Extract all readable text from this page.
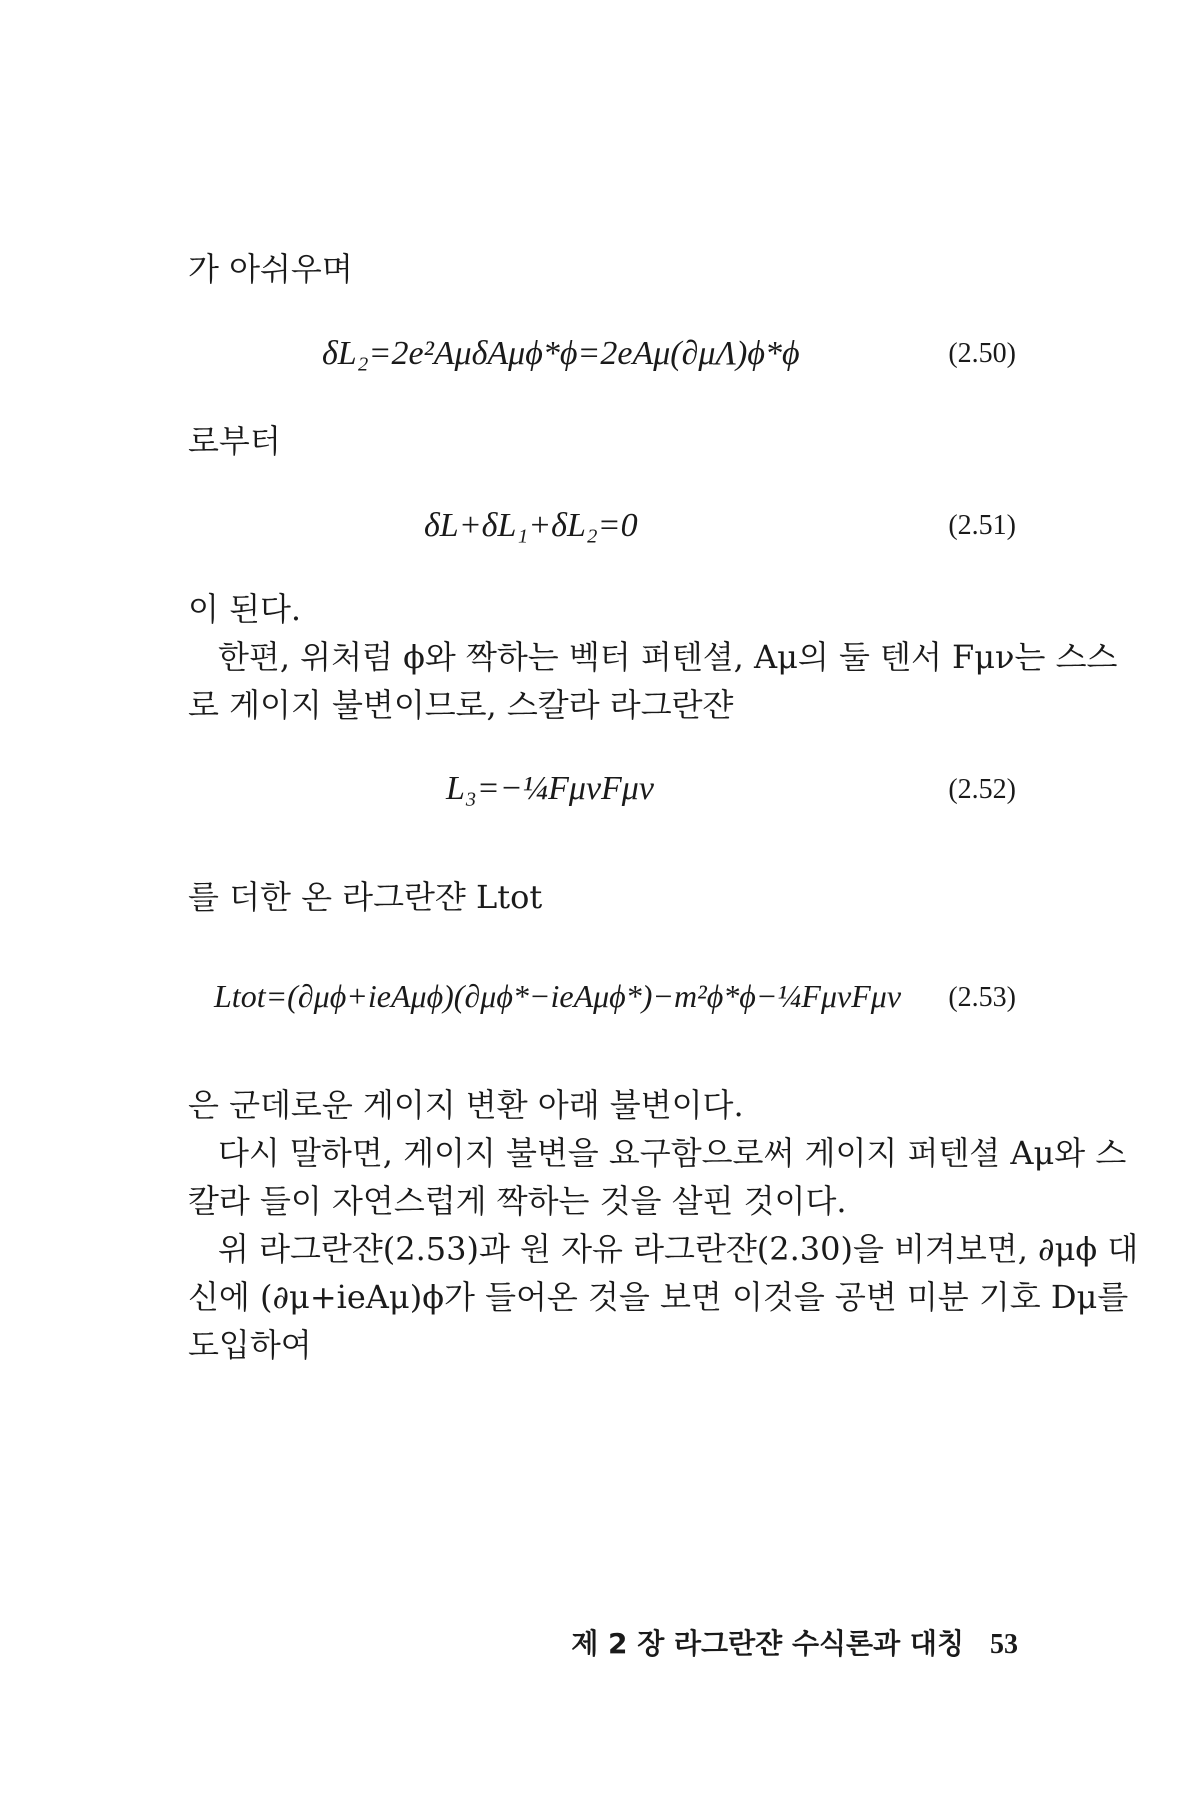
가 아쉬우며
δL₂=2e²AμδAμϕ*ϕ=2eAμ(∂μΛ)ϕ*ϕ	(2.50)
로부터
δL+δL₁+δL₂=0	(2.51)
이 된다.
한편, 위처럼 ϕ와 짝하는 벡터 퍼텐셜, Aμ의 둘 텐서 Fμν는 스스
로 게이지 불변이므로, 스칼라 라그란쟌
L₃=−¼FμνFμν	(2.52)
를 더한 온 라그란쟌 Ltot
Ltot=(∂μϕ+ieAμϕ)(∂μϕ*−ieAμϕ*)−m²ϕ*ϕ−¼FμνFμν	(2.53)
은 군데로운 게이지 변환 아래 불변이다.
다시 말하면, 게이지 불변을 요구함으로써 게이지 퍼텐셜 Aμ와 스
칼라 들이 자연스럽게 짝하는 것을 살핀 것이다.
위 라그란쟌(2.53)과 원 자유 라그란쟌(2.30)을 비겨보면, ∂μϕ 대
신에 (∂μ+ieAμ)ϕ가 들어온 것을 보면 이것을 공변 미분 기호 Dμ를
도입하여
제 2 장 라그란쟌 수식론과 대칭 53
